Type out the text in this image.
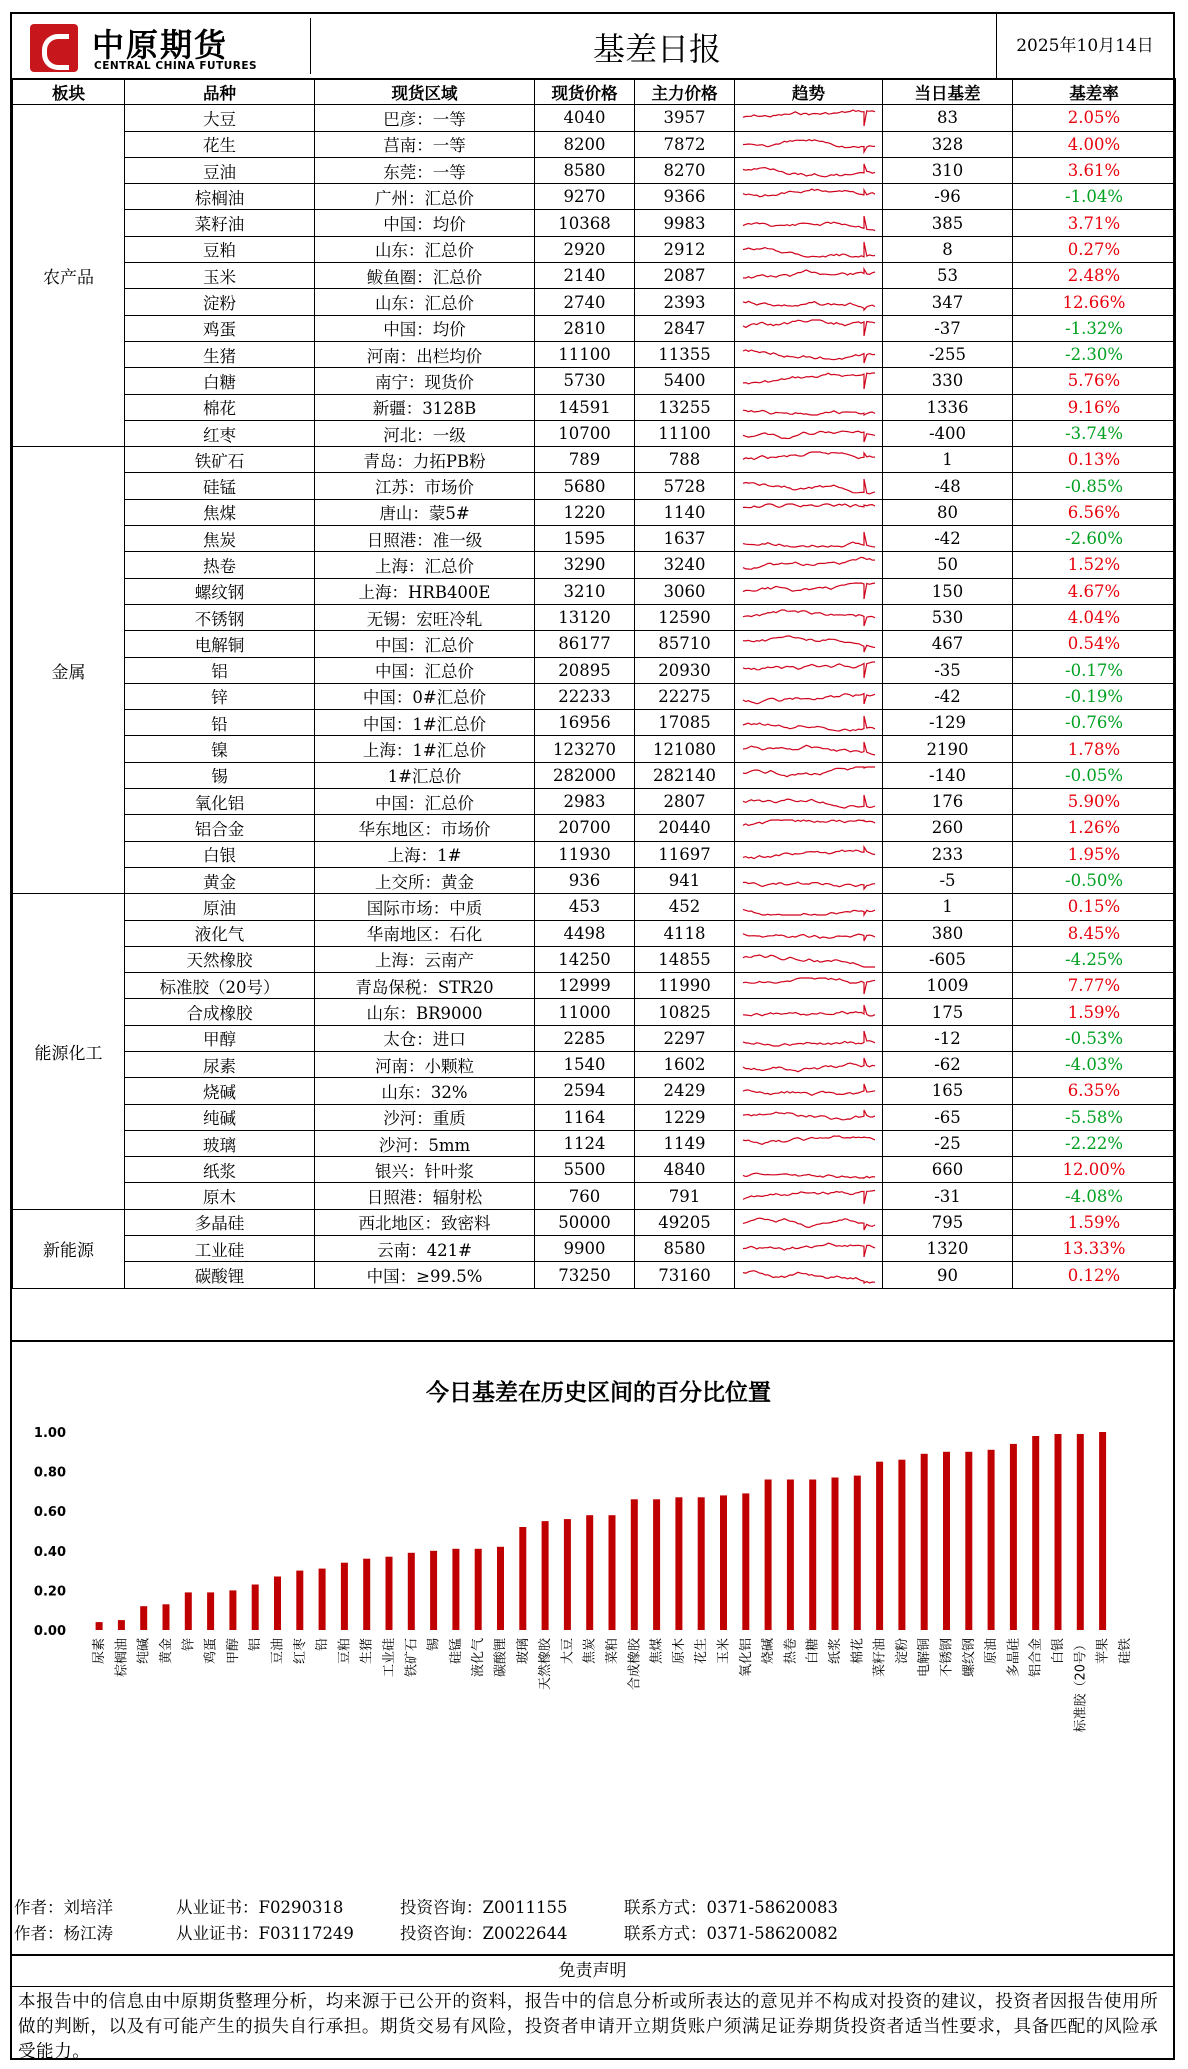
中原期货
CENTRAL CHINA FUTURES	基差日报	2025年10月14日
板块	品种	现货区域	现货价格	主力价格	趋势	当日基差	基差率
农产品	大豆	巴彦：一等	4040	3957		83	2.05%
	花生	莒南：一等	8200	7872		328	4.00%
	豆油	东莞：一等	8580	8270		310	3.61%
	棕榈油	广州：汇总价	9270	9366		-96	-1.04%
	菜籽油	中国：均价	10368	9983		385	3.71%
	豆粕	山东：汇总价	2920	2912		8	0.27%
	玉米	鲅鱼圈：汇总价	2140	2087		53	2.48%
	淀粉	山东：汇总价	2740	2393		347	12.66%
	鸡蛋	中国：均价	2810	2847		-37	-1.32%
	生猪	河南：出栏均价	11100	11355		-255	-2.30%
	白糖	南宁：现货价	5730	5400		330	5.76%
	棉花	新疆：3128B	14591	13255		1336	9.16%
	红枣	河北：一级	10700	11100		-400	-3.74%
金属	铁矿石	青岛：力拓PB粉	789	788		1	0.13%
	硅锰	江苏：市场价	5680	5728		-48	-0.85%
	焦煤	唐山：蒙5#	1220	1140		80	6.56%
	焦炭	日照港：准一级	1595	1637		-42	-2.60%
	热卷	上海：汇总价	3290	3240		50	1.52%
	螺纹钢	上海：HRB400E	3210	3060		150	4.67%
	不锈钢	无锡：宏旺冷轧	13120	12590		530	4.04%
	电解铜	中国：汇总价	86177	85710		467	0.54%
	铝	中国：汇总价	20895	20930		-35	-0.17%
	锌	中国：0#汇总价	22233	22275		-42	-0.19%
	铅	中国：1#汇总价	16956	17085		-129	-0.76%
	镍	上海：1#汇总价	123270	121080		2190	1.78%
	锡	1#汇总价	282000	282140		-140	-0.05%
	氧化铝	中国：汇总价	2983	2807		176	5.90%
	铝合金	华东地区：市场价	20700	20440		260	1.26%
	白银	上海：1#	11930	11697		233	1.95%
	黄金	上交所：黄金	936	941		-5	-0.50%
能源化工	原油	国际市场：中质	453	452		1	0.15%
	液化气	华南地区：石化	4498	4118		380	8.45%
	天然橡胶	上海：云南产	14250	14855		-605	-4.25%
	标准胶（20号）	青岛保税：STR20	12999	11990		1009	7.77%
	合成橡胶	山东：BR9000	11000	10825		175	1.59%
	甲醇	太仓：进口	2285	2297		-12	-0.53%
	尿素	河南：小颗粒	1540	1602		-62	-4.03%
	烧碱	山东：32%	2594	2429		165	6.35%
	纯碱	沙河：重质	1164	1229		-65	-5.58%
	玻璃	沙河：5mm	1124	1149		-25	-2.22%
	纸浆	银兴：针叶浆	5500	4840		660	12.00%
	原木	日照港：辐射松	760	791		-31	-4.08%
新能源	多晶硅	西北地区：致密料	50000	49205		795	1.59%
	工业硅	云南：421#	9900	8580		1320	13.33%
	碳酸锂	中国：≥99.5%	73250	73160		90	0.12%
0.00
0.20
0.40
0.60
0.80
1.00
尿素 棕榈油 纯碱 黄金 锌 鸡蛋 甲醇 铝 豆油 红枣 铅 豆粕 生猪 工业硅 铁矿石 锡 硅锰 液化气 碳酸锂 玻璃 天然橡胶 大豆 焦炭 菜粕 合成橡胶 焦煤 原木 花生 玉米 氧化铝 烧碱 热卷 白糖 纸浆 棉花 菜籽油 淀粉 电解铜 不锈钢 螺纹钢 原油 多晶硅 铝合金 白银 标准胶（20号） 苹果 硅铁
今日基差在历史区间的百分比位置
作者：刘培洋	从业证书：F0290318	投资咨询：Z0011155	联系方式：0371-58620083
作者：杨江涛	从业证书：F03117249	投资咨询：Z0022644	联系方式：0371-58620082
免责声明
本报告中的信息由中原期货整理分析，均来源于已公开的资料，报告中的信息分析或所表达的意见并不构成对投资的建议，投资者因报告使用所做的判断，以及有可能产生的损失自行承担。期货交易有风险，投资者申请开立期货账户须满足证券期货投资者适当性要求，具备匹配的风险承受能力。
